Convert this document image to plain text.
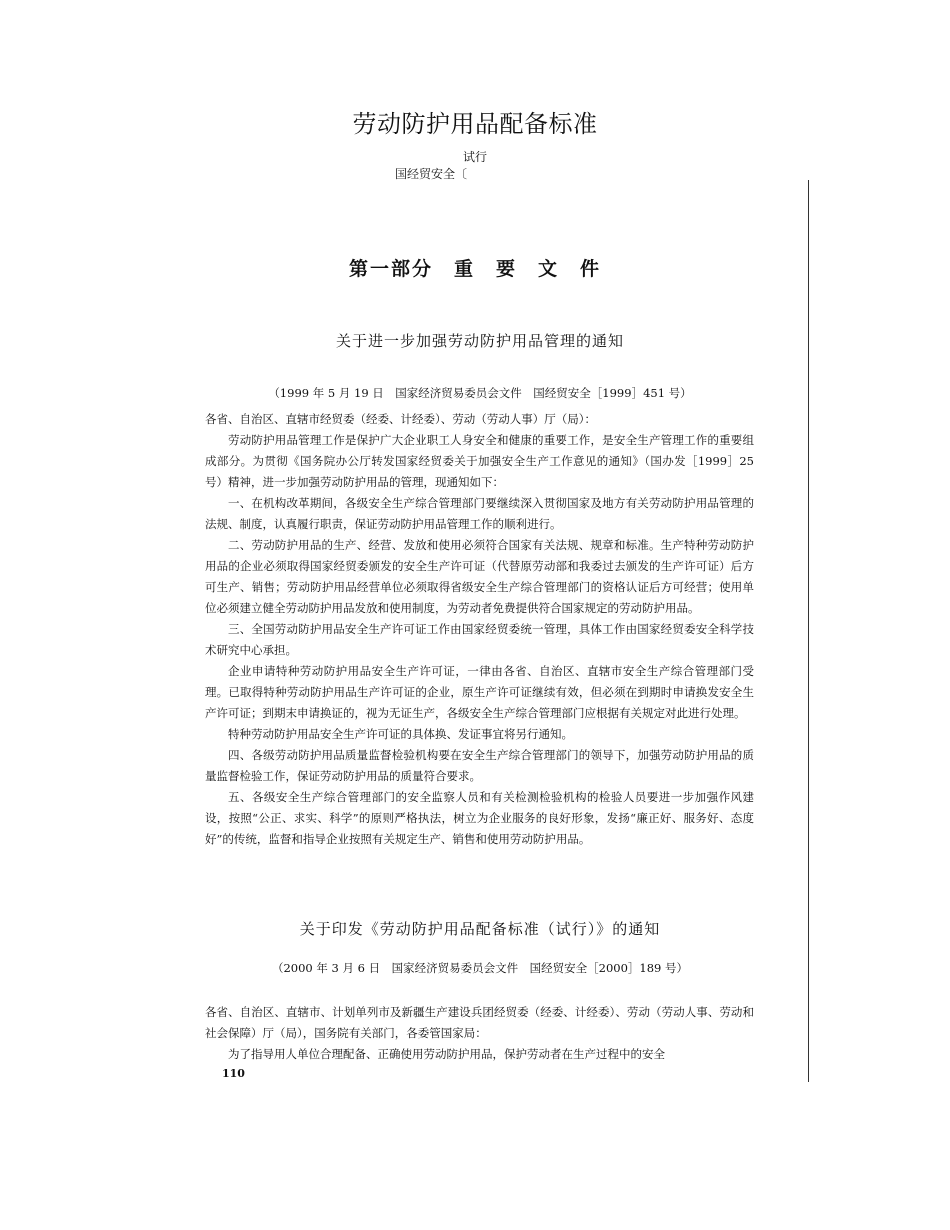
劳动防护用品配备标准
试行
国经贸安全〔
第一部分　重　要　文　件
关于进一步加强劳动防护用品管理的通知
（1999 年 5 月 19 日　国家经济贸易委员会文件　国经贸安全［1999］451 号）

各省、自治区、直辖市经贸委（经委、计经委）、劳动（劳动人事）厅（局）：

劳动防护用品管理工作是保护广大企业职工人身安全和健康的重要工作，是安全生产管理工作的重要组成部分。为贯彻《国务院办公厅转发国家经贸委关于加强安全生产工作意见的通知》（国办发［1999］25 号）精神，进一步加强劳动防护用品的管理，现通知如下：

一、在机构改革期间，各级安全生产综合管理部门要继续深入贯彻国家及地方有关劳动防护用品管理的法规、制度，认真履行职责，保证劳动防护用品管理工作的顺利进行。

二、劳动防护用品的生产、经营、发放和使用必须符合国家有关法规、规章和标准。生产特种劳动防护用品的企业必须取得国家经贸委颁发的安全生产许可证（代替原劳动部和我委过去颁发的生产许可证）后方可生产、销售；劳动防护用品经营单位必须取得省级安全生产综合管理部门的资格认证后方可经营；使用单位必须建立健全劳动防护用品发放和使用制度，为劳动者免费提供符合国家规定的劳动防护用品。

三、全国劳动防护用品安全生产许可证工作由国家经贸委统一管理，具体工作由国家经贸委安全科学技术研究中心承担。

企业申请特种劳动防护用品安全生产许可证，一律由各省、自治区、直辖市安全生产综合管理部门受理。已取得特种劳动防护用品生产许可证的企业，原生产许可证继续有效，但必须在到期时申请换发安全生产许可证；到期末申请换证的，视为无证生产，各级安全生产综合管理部门应根据有关规定对此进行处理。

特种劳动防护用品安全生产许可证的具体换、发证事宜将另行通知。

四、各级劳动防护用品质量监督检验机构要在安全生产综合管理部门的领导下，加强劳动防护用品的质量监督检验工作，保证劳动防护用品的质量符合要求。

五、各级安全生产综合管理部门的安全监察人员和有关检测检验机构的检验人员要进一步加强作风建设，按照“公正、求实、科学”的原则严格执法，树立为企业服务的良好形象，发扬“廉正好、服务好、态度好”的传统，监督和指导企业按照有关规定生产、销售和使用劳动防护用品。

关于印发《劳动防护用品配备标准（试行）》的通知
（2000 年 3 月 6 日　国家经济贸易委员会文件　国经贸安全［2000］189 号）

各省、自治区、直辖市、计划单列市及新疆生产建设兵团经贸委（经委、计经委）、劳动（劳动人事、劳动和社会保障）厅（局），国务院有关部门，各委管国家局：

为了指导用人单位合理配备、正确使用劳动防护用品，保护劳动者在生产过程中的安全

110
